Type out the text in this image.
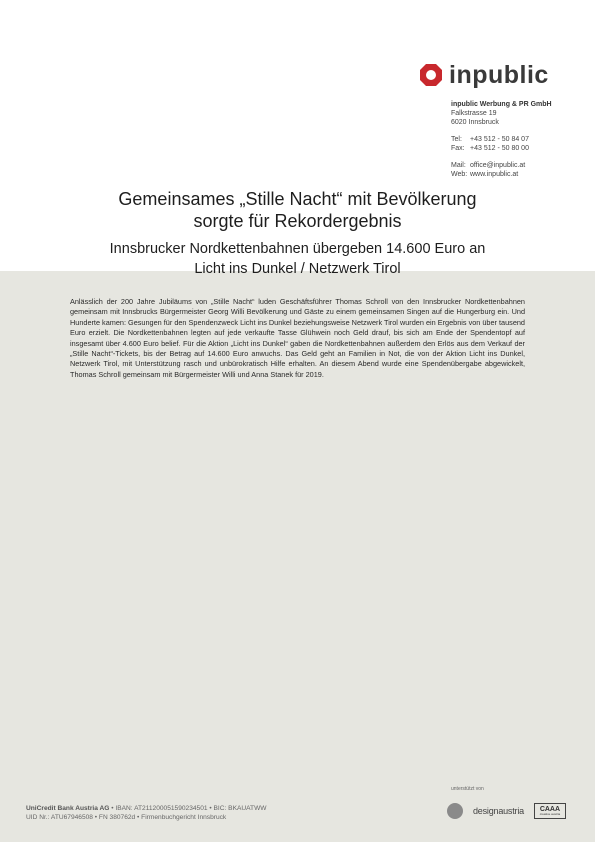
inpublic
inpublic Werbung & PR GmbH
Falkstrasse 19
6020 Innsbruck
Tel: +43 512 - 50 84 07
Fax: +43 512 - 50 80 00
Mail: office@inpublic.at
Web: www.inpublic.at
Gemeinsames „Stille Nacht“ mit Bevölkerung
sorgte für Rekordergebnis
Innsbrucker Nordkettenbahnen übergeben 14.600 Euro an
Licht ins Dunkel / Netzwerk Tirol

Anlässlich der 200 Jahre Jubiläums von „Stille Nacht“ luden Geschäftsführer Thomas Schroll von den Innsbrucker Nordkettenbahnen gemeinsam mit Innsbrucks Bürgermeister Georg Willi Bevölkerung und Gäste zu einem gemeinsamen Singen auf die Hungerburg ein. Und Hunderte kamen: Gesungen für den Spendenzweck Licht ins Dunkel beziehungsweise Netzwerk Tirol wurden ein Ergebnis von über tausend Euro erzielt. Die Nordkettenbahnen legten auf jede verkaufte Tasse Glühwein noch Geld drauf, bis sich am Ende der Spendentopf auf insgesamt über 4.600 Euro belief. Für die Aktion „Licht ins Dunkel“ gaben die Nordkettenbahnen außerdem den Erlös aus dem Verkauf der „Stille Nacht“-Tickets, bis der Betrag auf 14.600 Euro anwuchs. Das Geld geht an Familien in Not, die von der Aktion Licht ins Dunkel, Netzwerk Tirol, mit Unterstützung rasch und unbürokratisch Hilfe erhalten. An diesem Abend wurde eine Spendenübergabe abgewickelt, Thomas Schroll gemeinsam mit Bürgermeister Willi und Anna Stanek für 2019.

unterstützt von
designaustria CAAA
creative austria
UniCredit Bank Austria AG • IBAN: AT211200051590234501 • BIC: BKAUATWW
UID Nr.: ATU67946508 • FN 380762d • Firmenbuchgericht Innsbruck
